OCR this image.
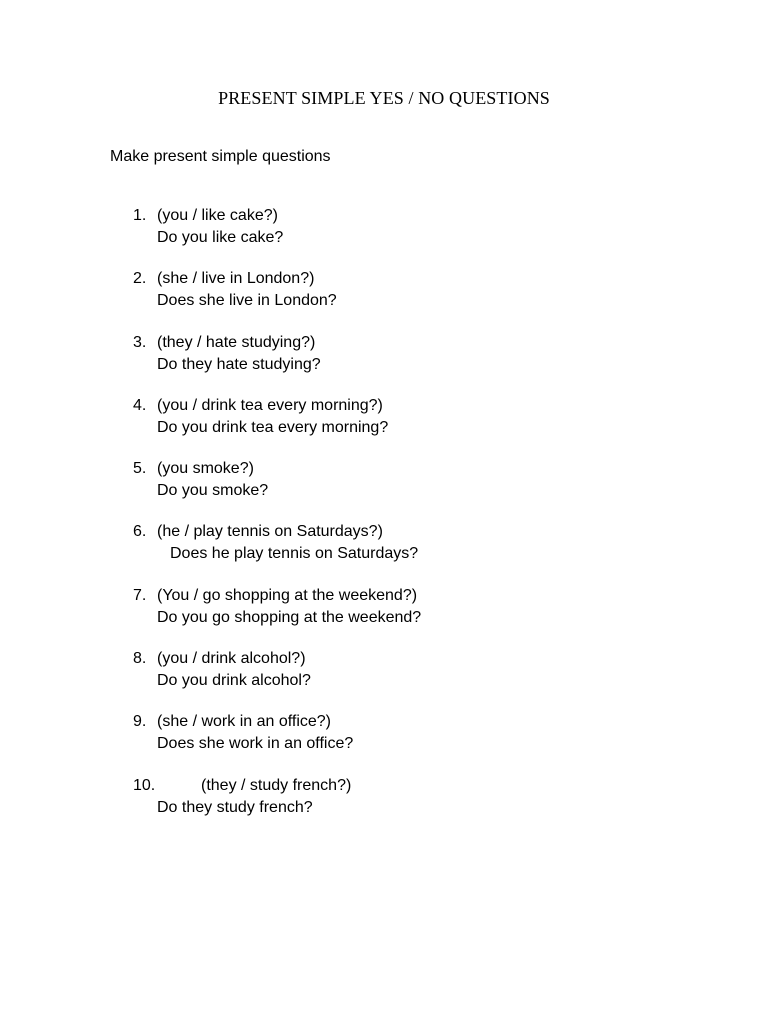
PRESENT SIMPLE YES / NO QUESTIONS
Make present simple questions
1. (you / like cake?)
Do you like cake?
2. (she / live in London?)
Does she live in London?
3. (they / hate studying?)
Do they hate studying?
4. (you / drink tea every morning?)
Do you drink tea every morning?
5. (you smoke?)
Do you smoke?
6. (he / play tennis on Saturdays?)
Does he play tennis on Saturdays?
7. (You / go shopping at the weekend?)
Do you go shopping at the weekend?
8. (you / drink alcohol?)
Do you drink alcohol?
9. (she / work in an office?)
Does she work in an office?
10.	(they / study french?)
Do they study french?
